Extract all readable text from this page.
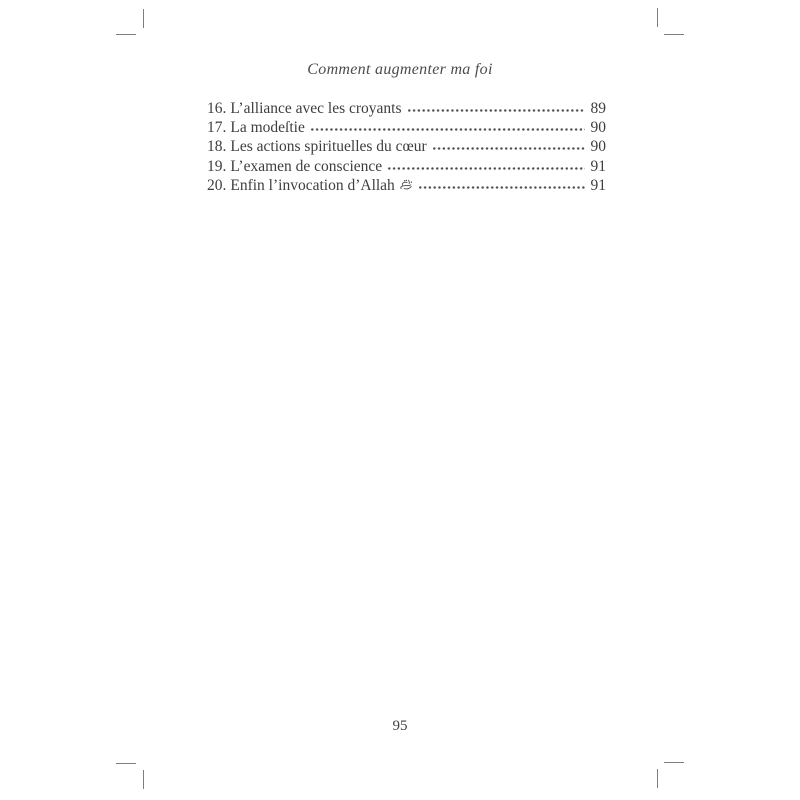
Comment augmenter ma foi
16. L’alliance avec les croyants	89
17. La modeſtie	90
18. Les actions spirituelles du cœur	90
19. L’examen de conscience	91
20. Enfin l’invocation d’Allah	91
95
